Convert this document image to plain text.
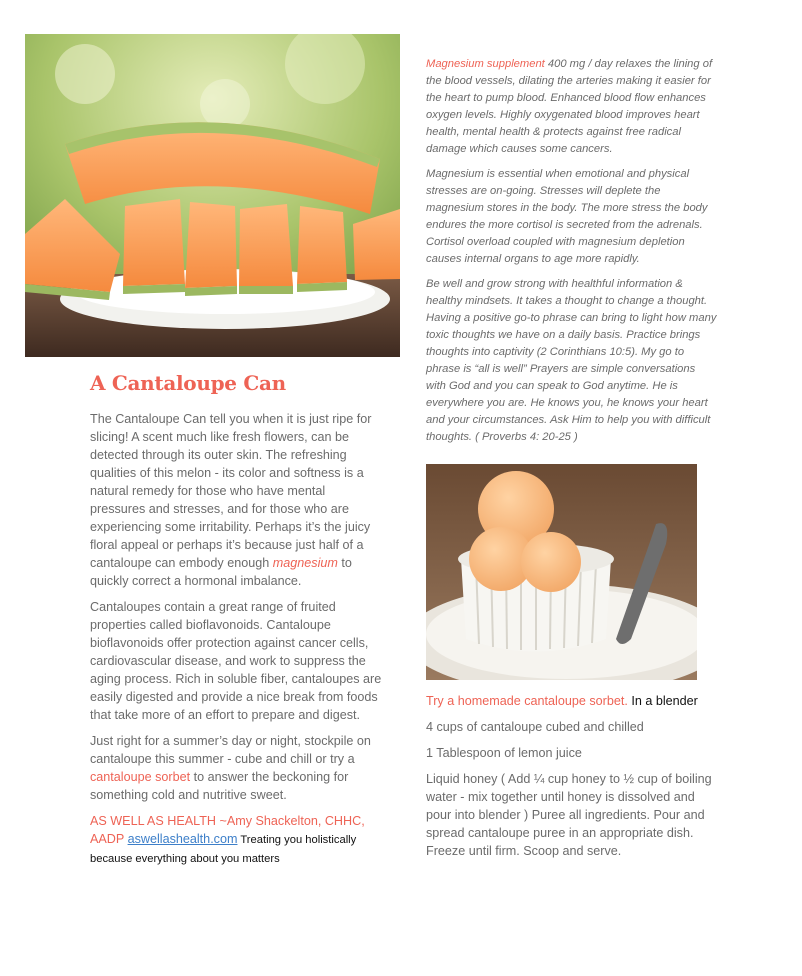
A Cantaloupe Can

The Cantaloupe Can tell you when it is just ripe for slicing! A scent much like fresh flowers, can be detected through its outer skin. The refreshing qualities of this melon - its color and softness is a natural remedy for those who have mental pressures and stresses, and for those who are experiencing some irritability. Perhaps it’s the juicy floral appeal or perhaps it’s because just half of a cantaloupe can embody enough magnesium to quickly correct a hormonal imbalance.

Cantaloupes contain a great range of fruited properties called bioflavonoids. Cantaloupe bioflavonoids offer protection against cancer cells, cardiovascular disease, and work to suppress the aging process. Rich in soluble fiber, cantaloupes are easily digested and provide a nice break from foods that take more of an effort to prepare and digest.

Just right for a summer’s day or night, stockpile on cantaloupe this summer - cube and chill or try a cantaloupe sorbet to answer the beckoning for something cold and nutritive sweet.

AS WELL AS HEALTH ~Amy Shackelton, CHHC, AADP aswellashealth.com Treating you holistically because everything about you matters

Magnesium supplement 400 mg / day relaxes the lining of the blood vessels, dilating the arteries making it easier for the heart to pump blood. Enhanced blood flow enhances oxygen levels. Highly oxygenated blood improves heart health, mental health & protects against free radical damage which causes some cancers.

Magnesium is essential when emotional and physical stresses are on-going. Stresses will deplete the magnesium stores in the body. The more stress the body endures the more cortisol is secreted from the adrenals. Cortisol overload coupled with magnesium depletion causes internal organs to age more rapidly.

Be well and grow strong with healthful information & healthy mindsets. It takes a thought to change a thought. Having a positive go-to phrase can bring to light how many toxic thoughts we have on a daily basis. Practice brings thoughts into captivity (2 Corinthians 10:5). My go to phrase is “all is well” Prayers are simple conversations with God and you can speak to God anytime. He is everywhere you are. He knows you, he knows your heart and your circumstances. Ask Him to help you with difficult thoughts. ( Proverbs 4: 20-25 )

Try a homemade cantaloupe sorbet. In a blender

4 cups of cantaloupe cubed and chilled

1 Tablespoon of lemon juice

Liquid honey ( Add ¼ cup honey to ½ cup of boiling water - mix together until honey is dissolved and pour into blender ) Puree all ingredients. Pour and spread cantaloupe puree in an appropriate dish. Freeze until firm. Scoop and serve.
